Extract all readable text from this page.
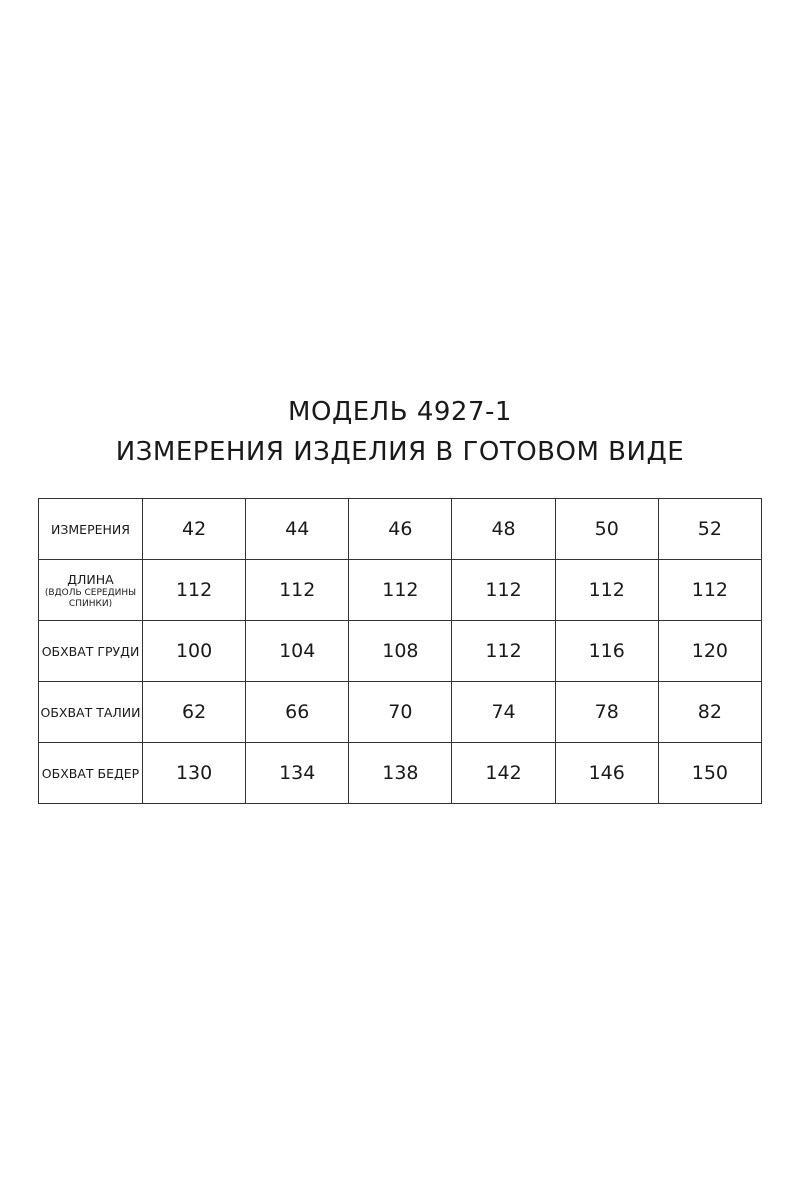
МОДЕЛЬ 4927-1
ИЗМЕРЕНИЯ ИЗДЕЛИЯ В ГОТОВОМ ВИДЕ
ИЗМЕРЕНИЯ	42	44	46	48	50	52

ДЛИНА
(ВДОЛЬ СЕРЕДИНЫ СПИНКИ)	112	112	112	112	112	112
ОБХВАТ ГРУДИ	100	104	108	112	116	120
ОБХВАТ ТАЛИИ	62	66	70	74	78	82
ОБХВАТ БЕДЕР	130	134	138	142	146	150
